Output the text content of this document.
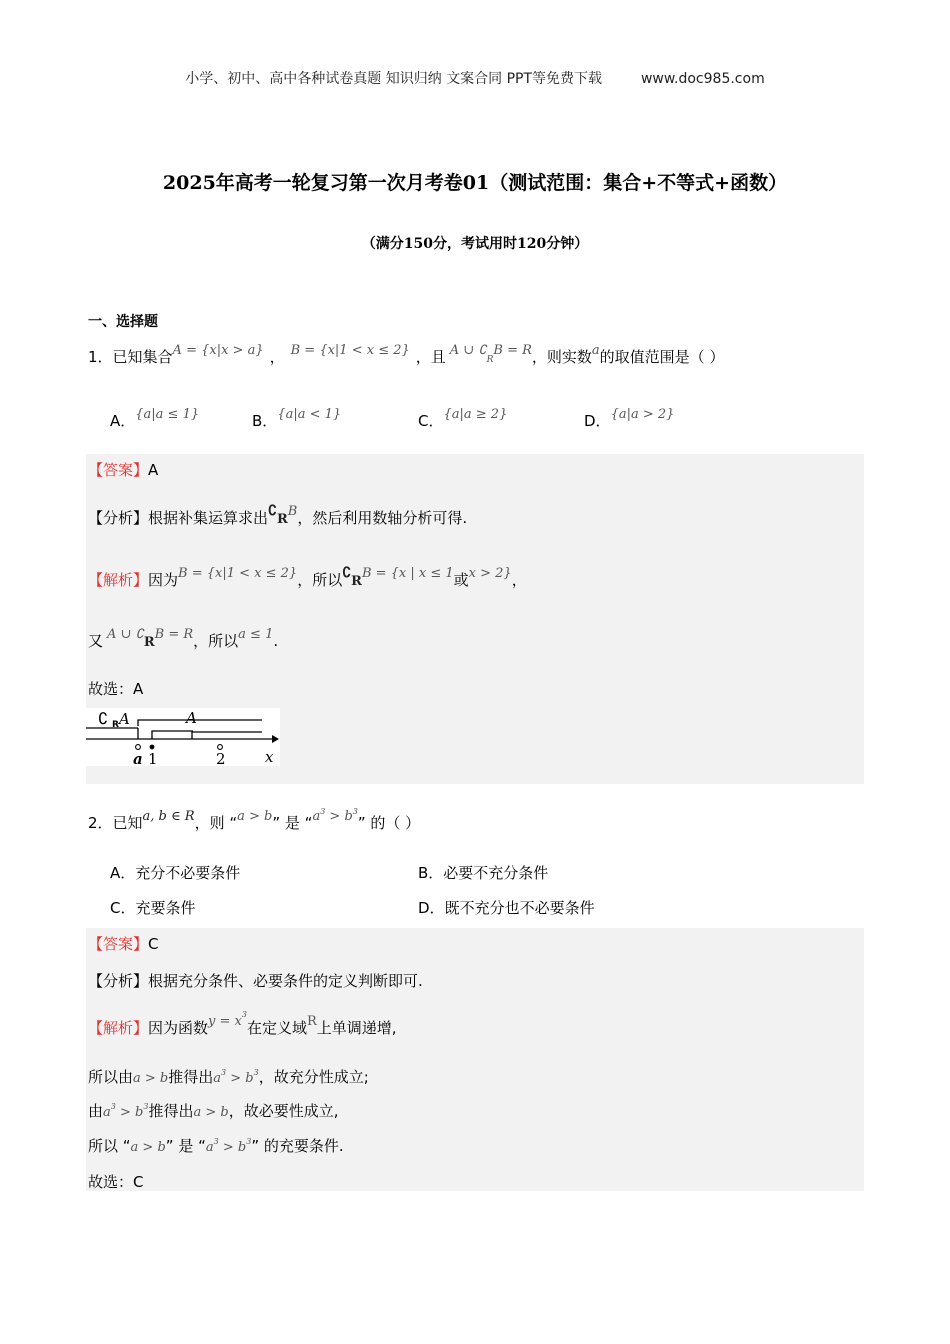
小学、初中、高中各种试卷真题 知识归纳 文案合同 PPT等免费下载	www.doc985.com
2025年高考一轮复习第一次月考卷01（测试范围：集合+不等式+函数）
（满分150分，考试用时120分钟）
一、选择题
1．已知集合A = {x|x > a} ， B = {x|1 < x ≤ 2} ，且 A ∪ ∁RB = R，则实数a的取值范围是（ ）
A．{a|a ≤ 1}	B．{a|a < 1}	C．{a|a ≥ 2}	D．{a|a > 2}
【答案】A
【分析】根据补集运算求出∁RB，然后利用数轴分析可得.
【解析】因为B = {x|1 < x ≤ 2}，所以∁RB = {x | x ≤ 1或x > 2}，
又 A ∪ ∁RB = R，所以a ≤ 1.
故选：A
∁ R A	A
a 1	2	x
2．已知a, b ∈ R，则 “a > b” 是 “$a^3 > b^3$” 的（ ）
A．充分不必要条件	B．必要不充分条件
C．充要条件	D．既不充分也不必要条件
【答案】C
【分析】根据充分条件、必要条件的定义判断即可.
【解析】因为函数$y = x^3$在定义域R上单调递增,
所以由a > b推得出$a^3 > b^3$，故充分性成立;
由$a^3 > b^3$推得出a > b，故必要性成立,
所以 “a > b” 是 “$a^3 > b^3$” 的充要条件.
故选：C
